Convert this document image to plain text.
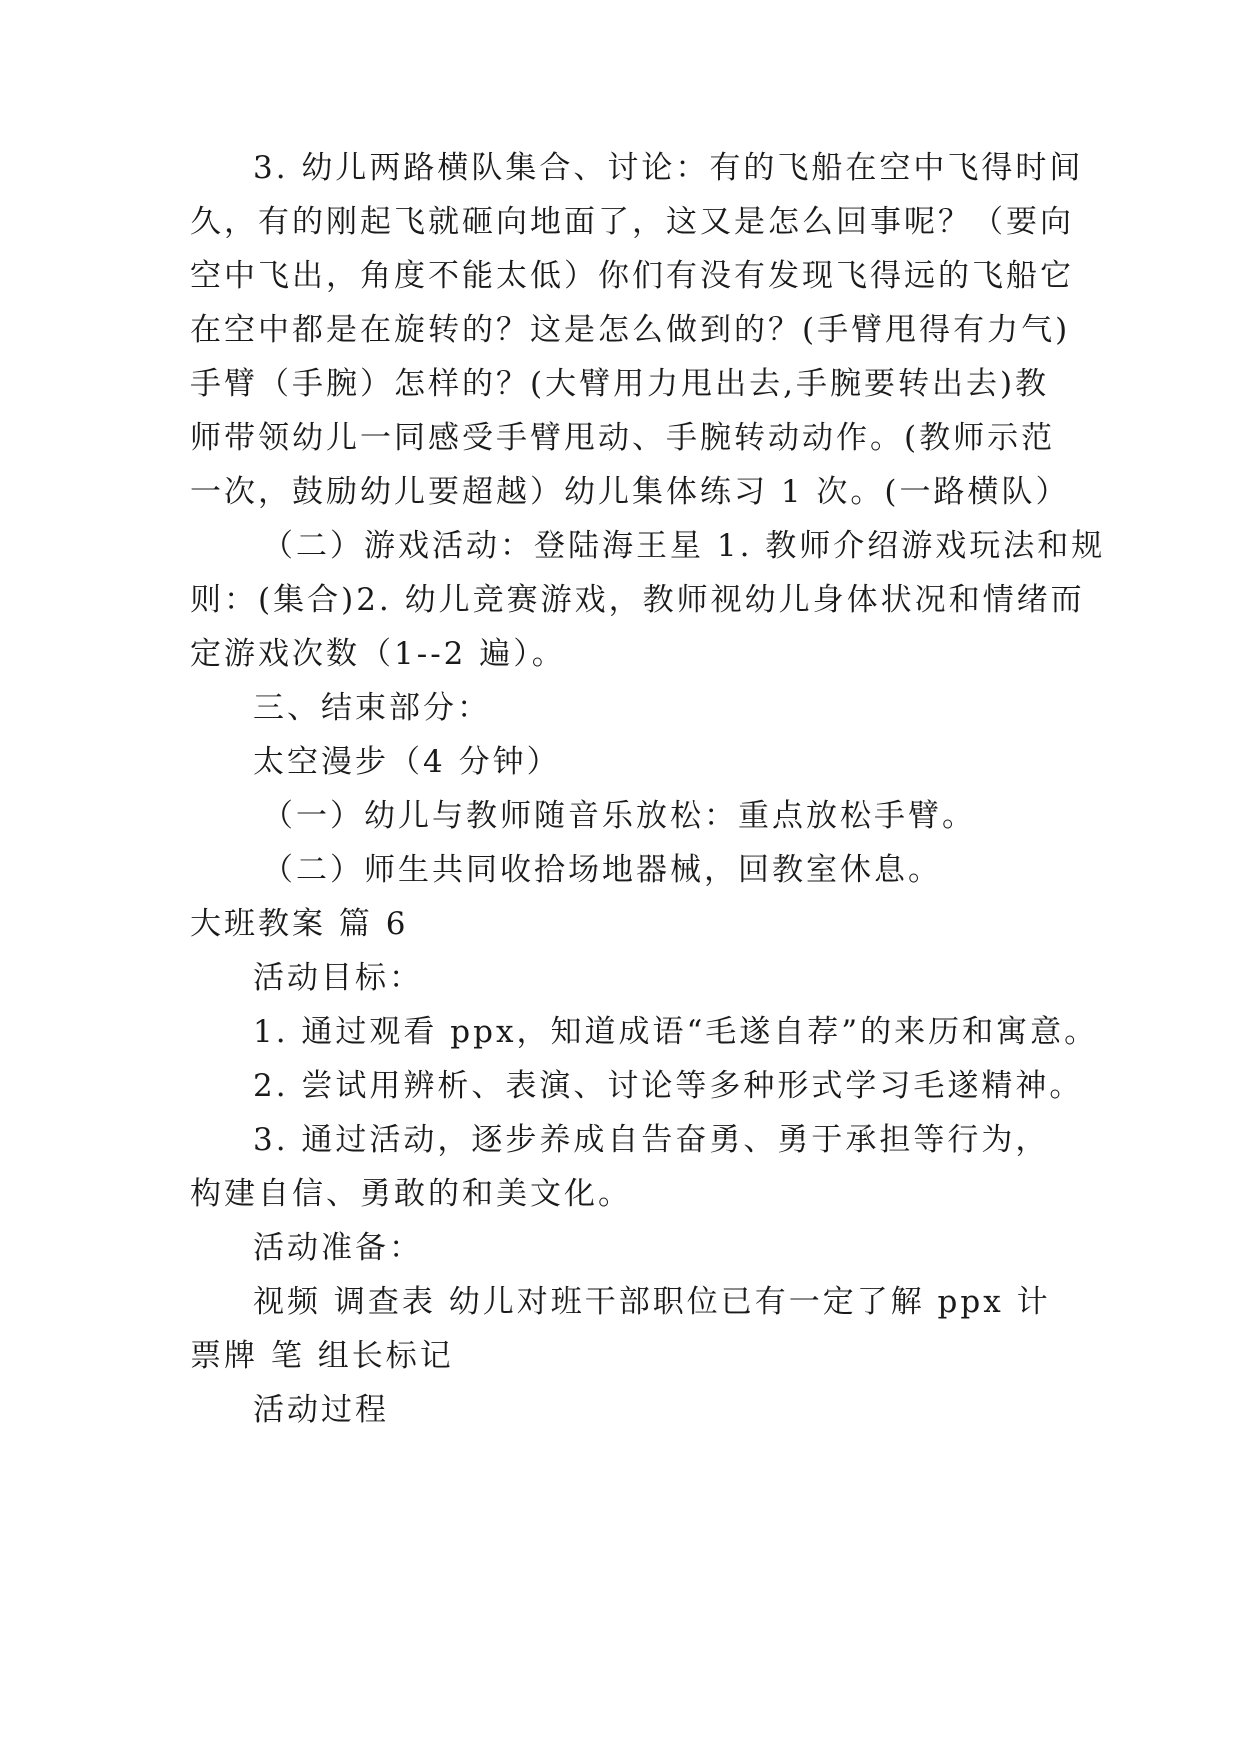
3. 幼儿两路横队集合、讨论：有的飞船在空中飞得时间
久，有的刚起飞就砸向地面了，这又是怎么回事呢？（要向
空中飞出，角度不能太低）你们有没有发现飞得远的飞船它
在空中都是在旋转的？这是怎么做到的？(手臂甩得有力气)
手臂（手腕）怎样的？(大臂用力甩出去,手腕要转出去)教
师带领幼儿一同感受手臂甩动、手腕转动动作。(教师示范
一次，鼓励幼儿要超越）幼儿集体练习 1 次。(一路横队）
（二）游戏活动：登陆海王星 1. 教师介绍游戏玩法和规
则：(集合)2. 幼儿竞赛游戏，教师视幼儿身体状况和情绪而
定游戏次数（1--2 遍）。
三、结束部分：
太空漫步（4 分钟）
（一）幼儿与教师随音乐放松：重点放松手臂。
（二）师生共同收拾场地器械，回教室休息。
大班教案 篇 6
活动目标：
1. 通过观看 ppx，知道成语“毛遂自荐”的来历和寓意。
2. 尝试用辨析、表演、讨论等多种形式学习毛遂精神。
3. 通过活动，逐步养成自告奋勇、勇于承担等行为，
构建自信、勇敢的和美文化。
活动准备：
视频 调查表 幼儿对班干部职位已有一定了解 ppx 计
票牌 笔 组长标记
活动过程
